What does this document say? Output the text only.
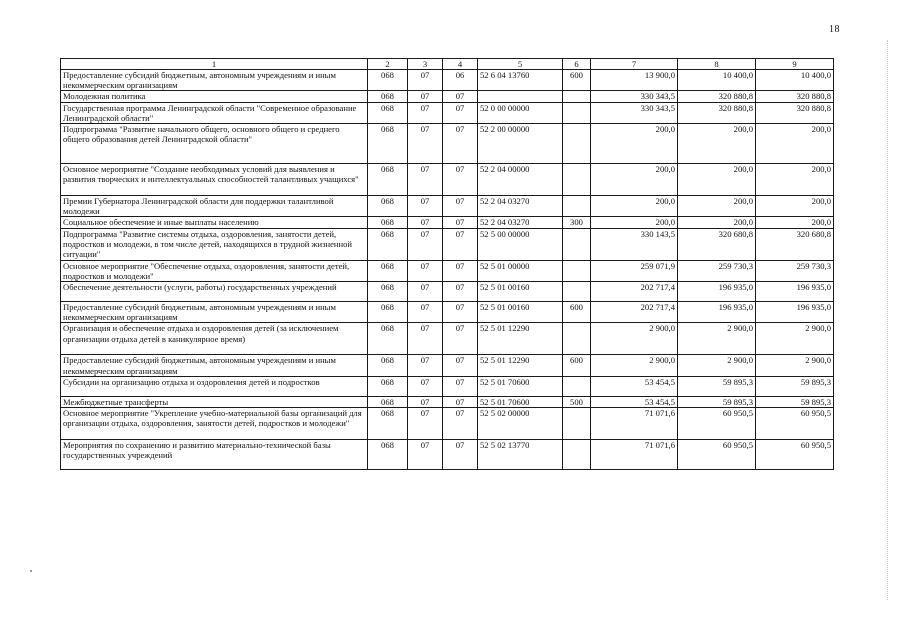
18
1	2	3	4	5	6	7	8	9
Предоставление субсидий бюджетным, автономным учреждениям и иным некоммерческим организациям	068	07	06	52 6 04 13760	600	13 900,0	10 400,0	10 400,0
Молодежная политика	068	07	07			330 343,5	320 880,8	320 880,8
Государственная программа Ленинградской области "Современное образование Ленинградской области"	068	07	07	52 0 00 00000		330 343,5	320 880,8	320 880,8
Подпрограмма "Развитие начального общего, основного общего и среднего общего образования детей Ленинградской области"	068	07	07	52 2 00 00000		200,0	200,0	200,0
Основное мероприятие "Создание необходимых условий для выявления и развития творческих и интеллектуальных способностей талантливых учащихся"	068	07	07	52 2 04 00000		200,0	200,0	200,0
Премии Губернатора Ленинградской области для поддержки талантливой молодежи	068	07	07	52 2 04 03270		200,0	200,0	200,0
Социальное обеспечение и иные выплаты населению	068	07	07	52 2 04 03270	300	200,0	200,0	200,0
Подпрограмма "Развитие системы отдыха, оздоровления, занятости детей, подростков и молодежи, в том числе детей, находящихся в трудной жизненной ситуации"	068	07	07	52 5 00 00000		330 143,5	320 680,8	320 680,8
Основное мероприятие "Обеспечение отдыха, оздоровления, занятости детей, подростков и молодежи"	068	07	07	52 5 01 00000		259 071,9	259 730,3	259 730,3
Обеспечение деятельности (услуги, работы) государственных учреждений	068	07	07	52 5 01 00160		202 717,4	196 935,0	196 935,0
Предоставление субсидий бюджетным, автономным учреждениям и иным некоммерческим организациям	068	07	07	52 5 01 00160	600	202 717,4	196 935,0	196 935,0
Организация и обеспечение отдыха и оздоровления детей (за исключением организации отдыха детей в каникулярное время)	068	07	07	52 5 01 12290		2 900,0	2 900,0	2 900,0
Предоставление субсидий бюджетным, автономным учреждениям и иным некоммерческим организациям	068	07	07	52 5 01 12290	600	2 900,0	2 900,0	2 900,0
Субсидии на организацию отдыха и оздоровления детей и подростков	068	07	07	52 5 01 70600		53 454,5	59 895,3	59 895,3
Межбюджетные трансферты	068	07	07	52 5 01 70600	500	53 454,5	59 895,3	59 895,3
Основное мероприятие "Укрепление учебно-материальной базы организаций для организации отдыха, оздоровления, занятости детей, подростков и молодежи"	068	07	07	52 5 02 00000		71 071,6	60 950,5	60 950,5
Мероприятия по сохранению и развитию материально-технической базы государственных учреждений	068	07	07	52 5 02 13770		71 071,6	60 950,5	60 950,5
